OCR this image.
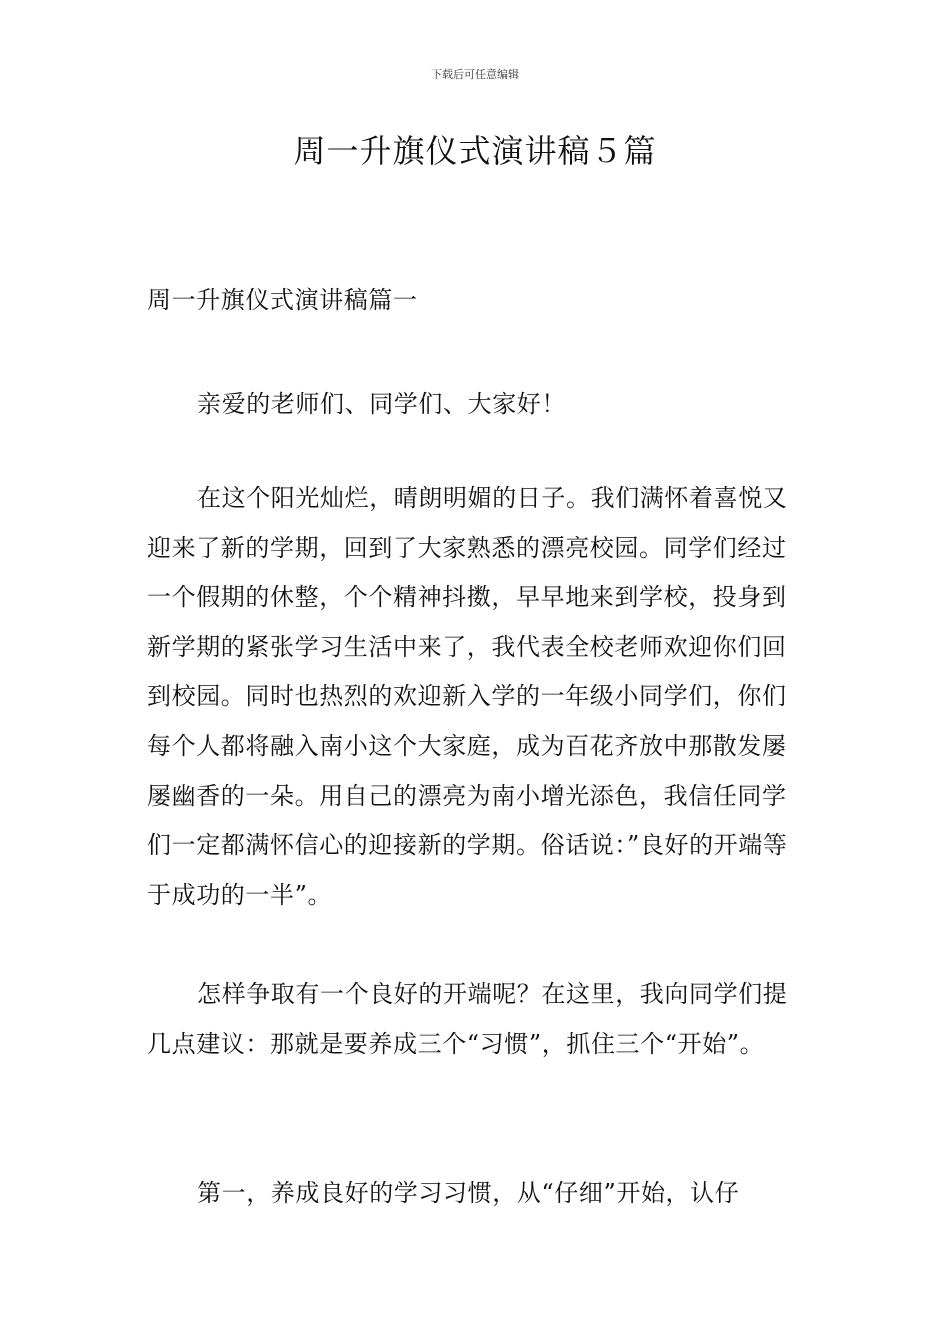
下载后可任意编辑
周一升旗仪式演讲稿５篇
周一升旗仪式演讲稿篇一
亲爱的老师们、同学们、大家好！
在这个阳光灿烂，晴朗明媚的日子。我们满怀着喜悦又迎来了新的学期，回到了大家熟悉的漂亮校园。同学们经过一个假期的休整，个个精神抖擞，早早地来到学校，投身到新学期的紧张学习生活中来了，我代表全校老师欢迎你们回到校园。同时也热烈的欢迎新入学的一年级小同学们，你们每个人都将融入南小这个大家庭，成为百花齐放中那散发屡屡幽香的一朵。用自己的漂亮为南小增光添色，我信任同学们一定都满怀信心的迎接新的学期。俗话说：”良好的开端等于成功的一半”。
怎样争取有一个良好的开端呢？在这里，我向同学们提几点建议：那就是要养成三个“习惯”，抓住三个“开始”。
第一，养成良好的学习习惯，从“仔细”开始，认仔
